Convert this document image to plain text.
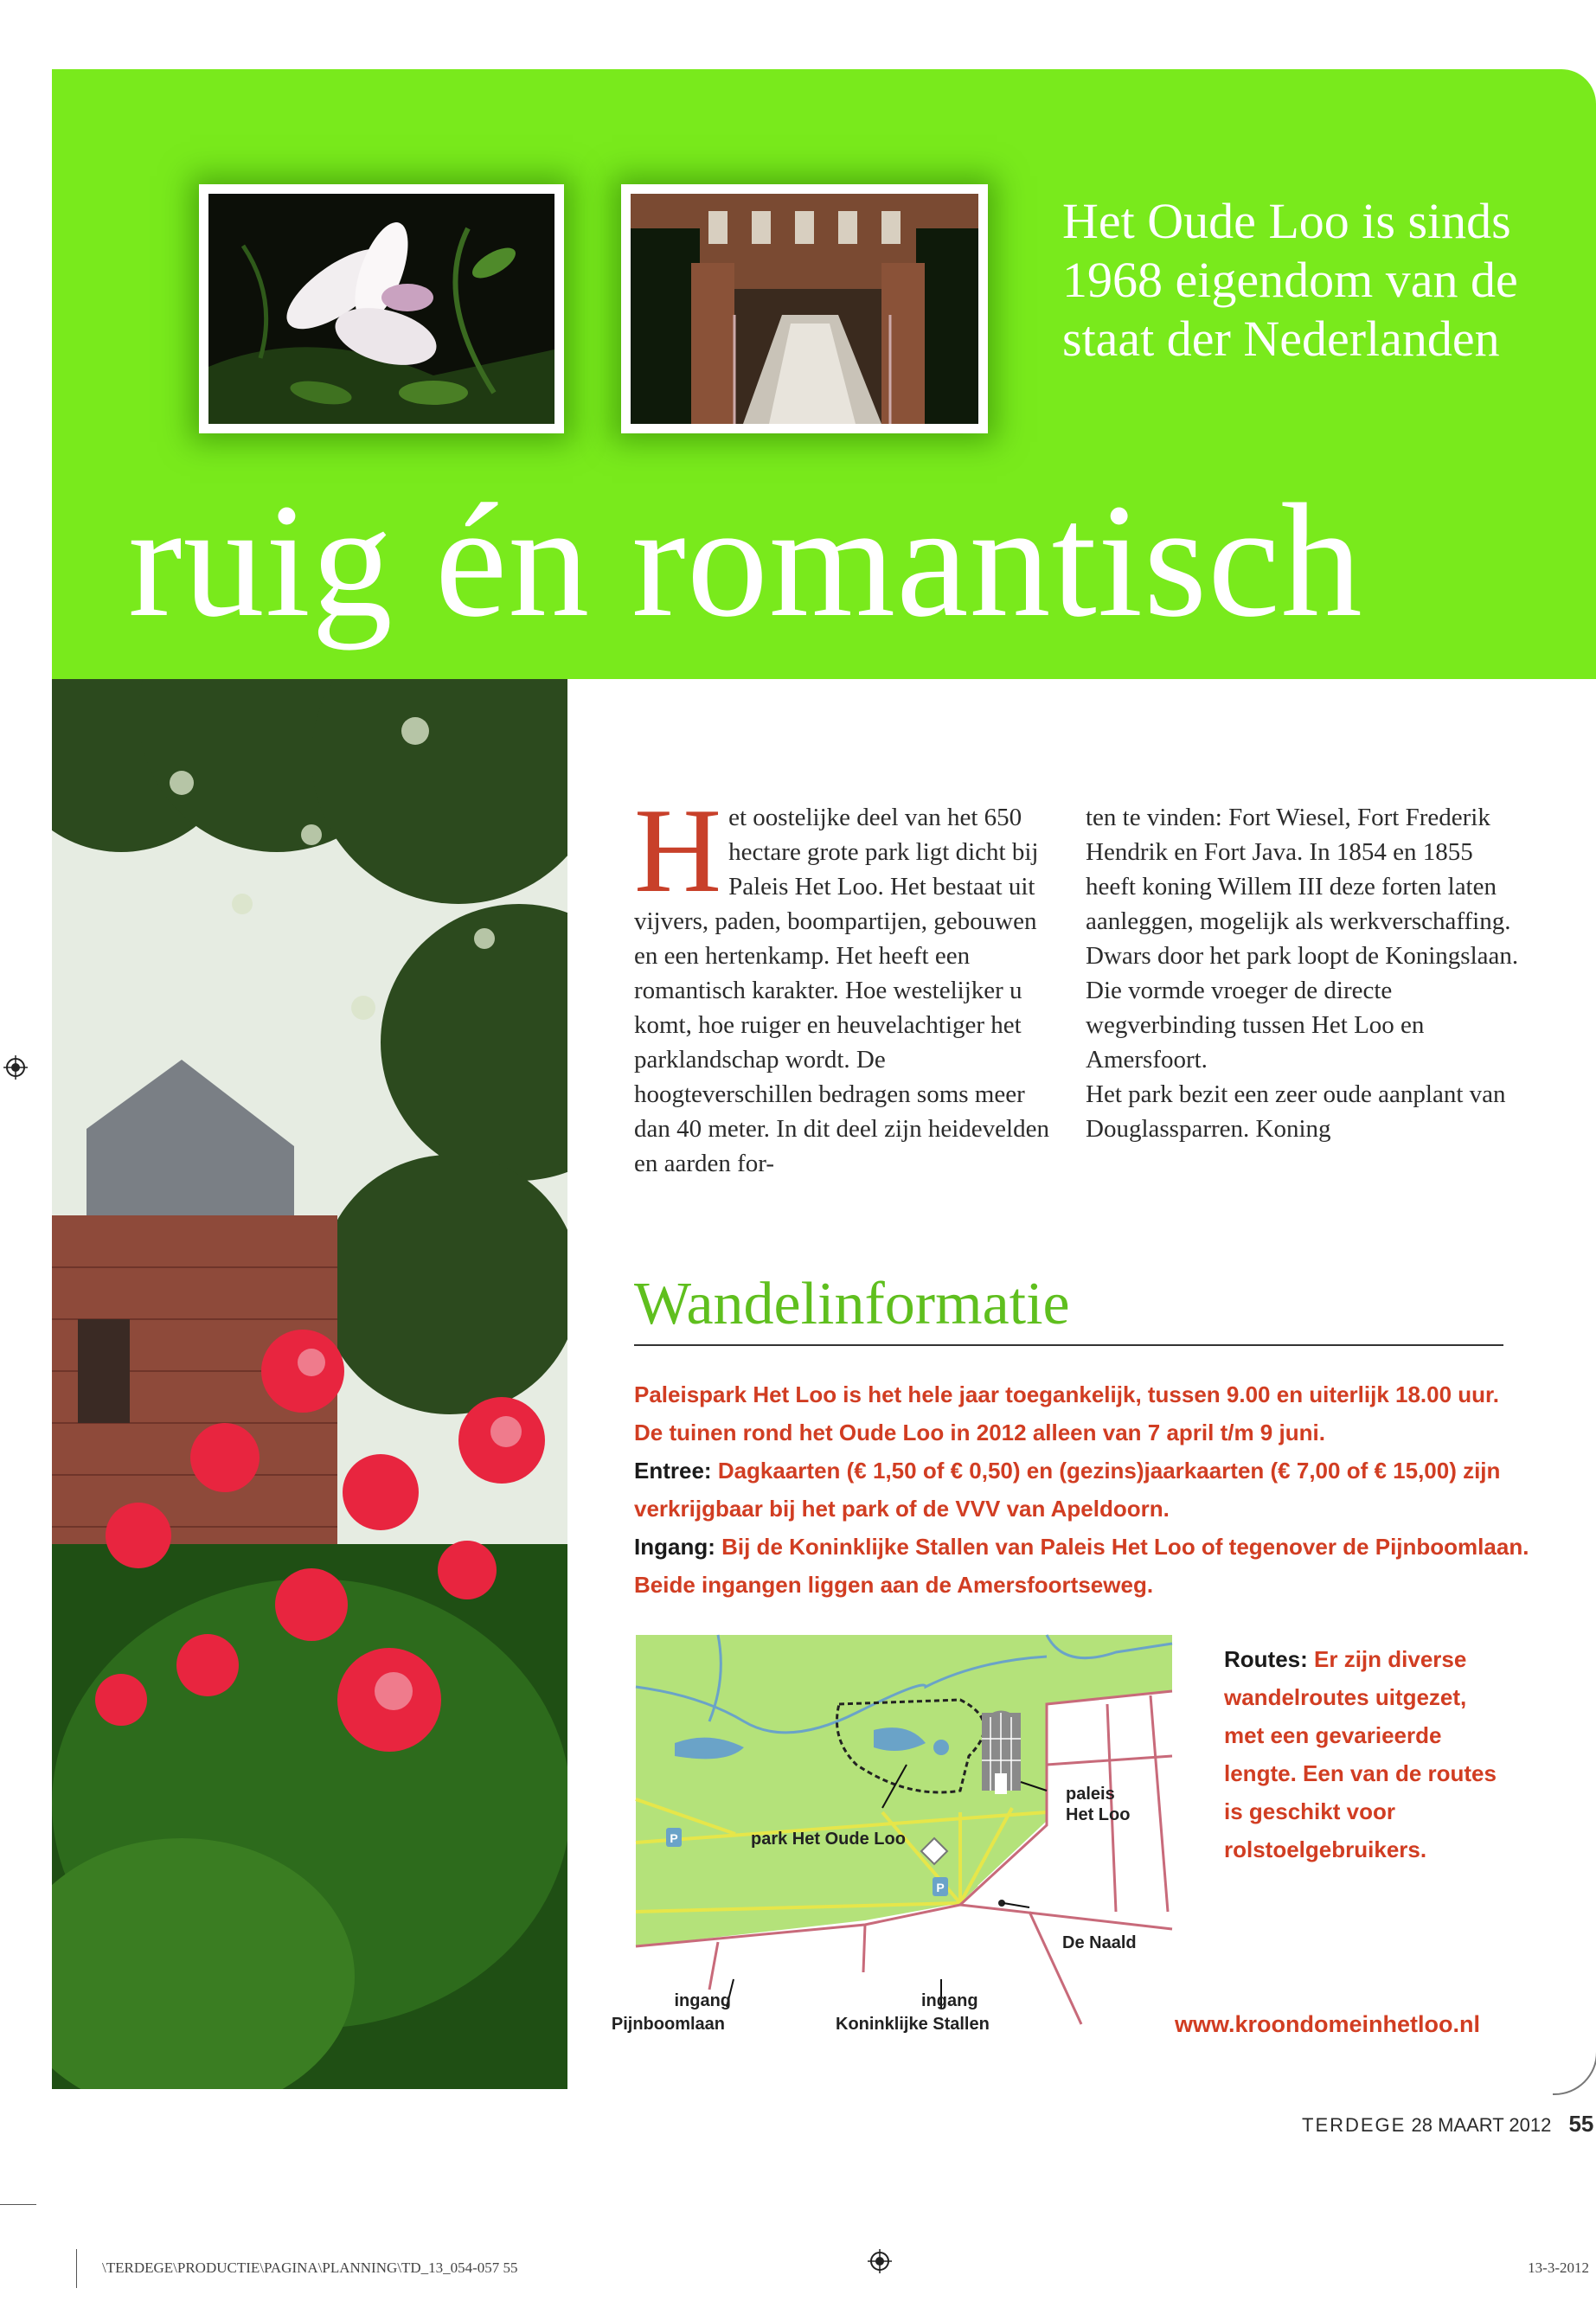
Het Oude Loo is sinds 1968 eigendom van de staat der Nederlanden
ruig én romantisch
H et oostelijke deel van het 650 hectare grote park ligt dicht bij Paleis Het Loo. Het bestaat uit vijvers, paden, boompartijen, gebouwen en een hertenkamp. Het heeft een romantisch karakter. Hoe westelijker u komt, hoe ruiger en heuvelachtiger het parklandschap wordt. De hoogteverschillen bedragen soms meer dan 40 meter. In dit deel zijn heidevelden en aarden for-
ten te vinden: Fort Wiesel, Fort Frederik Hendrik en Fort Java. In 1854 en 1855 heeft koning Willem III deze forten laten aanleggen, mogelijk als werkverschaffing.
Dwars door het park loopt de Koningslaan. Die vormde vroeger de directe wegverbinding tussen Het Loo en Amersfoort.
Het park bezit een zeer oude aanplant van Douglassparren. Koning
Wandelinformatie
Paleispark Het Loo is het hele jaar toegankelijk, tussen 9.00 en uiterlijk 18.00 uur. De tuinen rond het Oude Loo in 2012 alleen van 7 april t/m 9 juni.
Entree: Dagkaarten (€ 1,50 of € 0,50) en (gezins)jaarkaarten (€ 7,00 of € 15,00) zijn verkrijgbaar bij het park of de VVV van Apeldoorn.
Ingang: Bij de Koninklijke Stallen van Paleis Het Loo of tegenover de Pijnboomlaan. Beide ingangen liggen aan de Amersfoortseweg.
P
P
park Het Oude Loo
paleis
Het Loo
De Naald
ingang
Pijnboomlaan
ingang
Koninklijke Stallen
Routes: Er zijn diverse wandelroutes uitgezet, met een gevarieerde lengte. Een van de routes is geschikt voor rolstoelgebruikers.
www.kroondomeinhetloo.nl
TERDEGE 28 MAART 2012 55
\TERDEGE\PRODUCTIE\PAGINA\PLANNING\TD_13_054-057 55	13-3-2012
